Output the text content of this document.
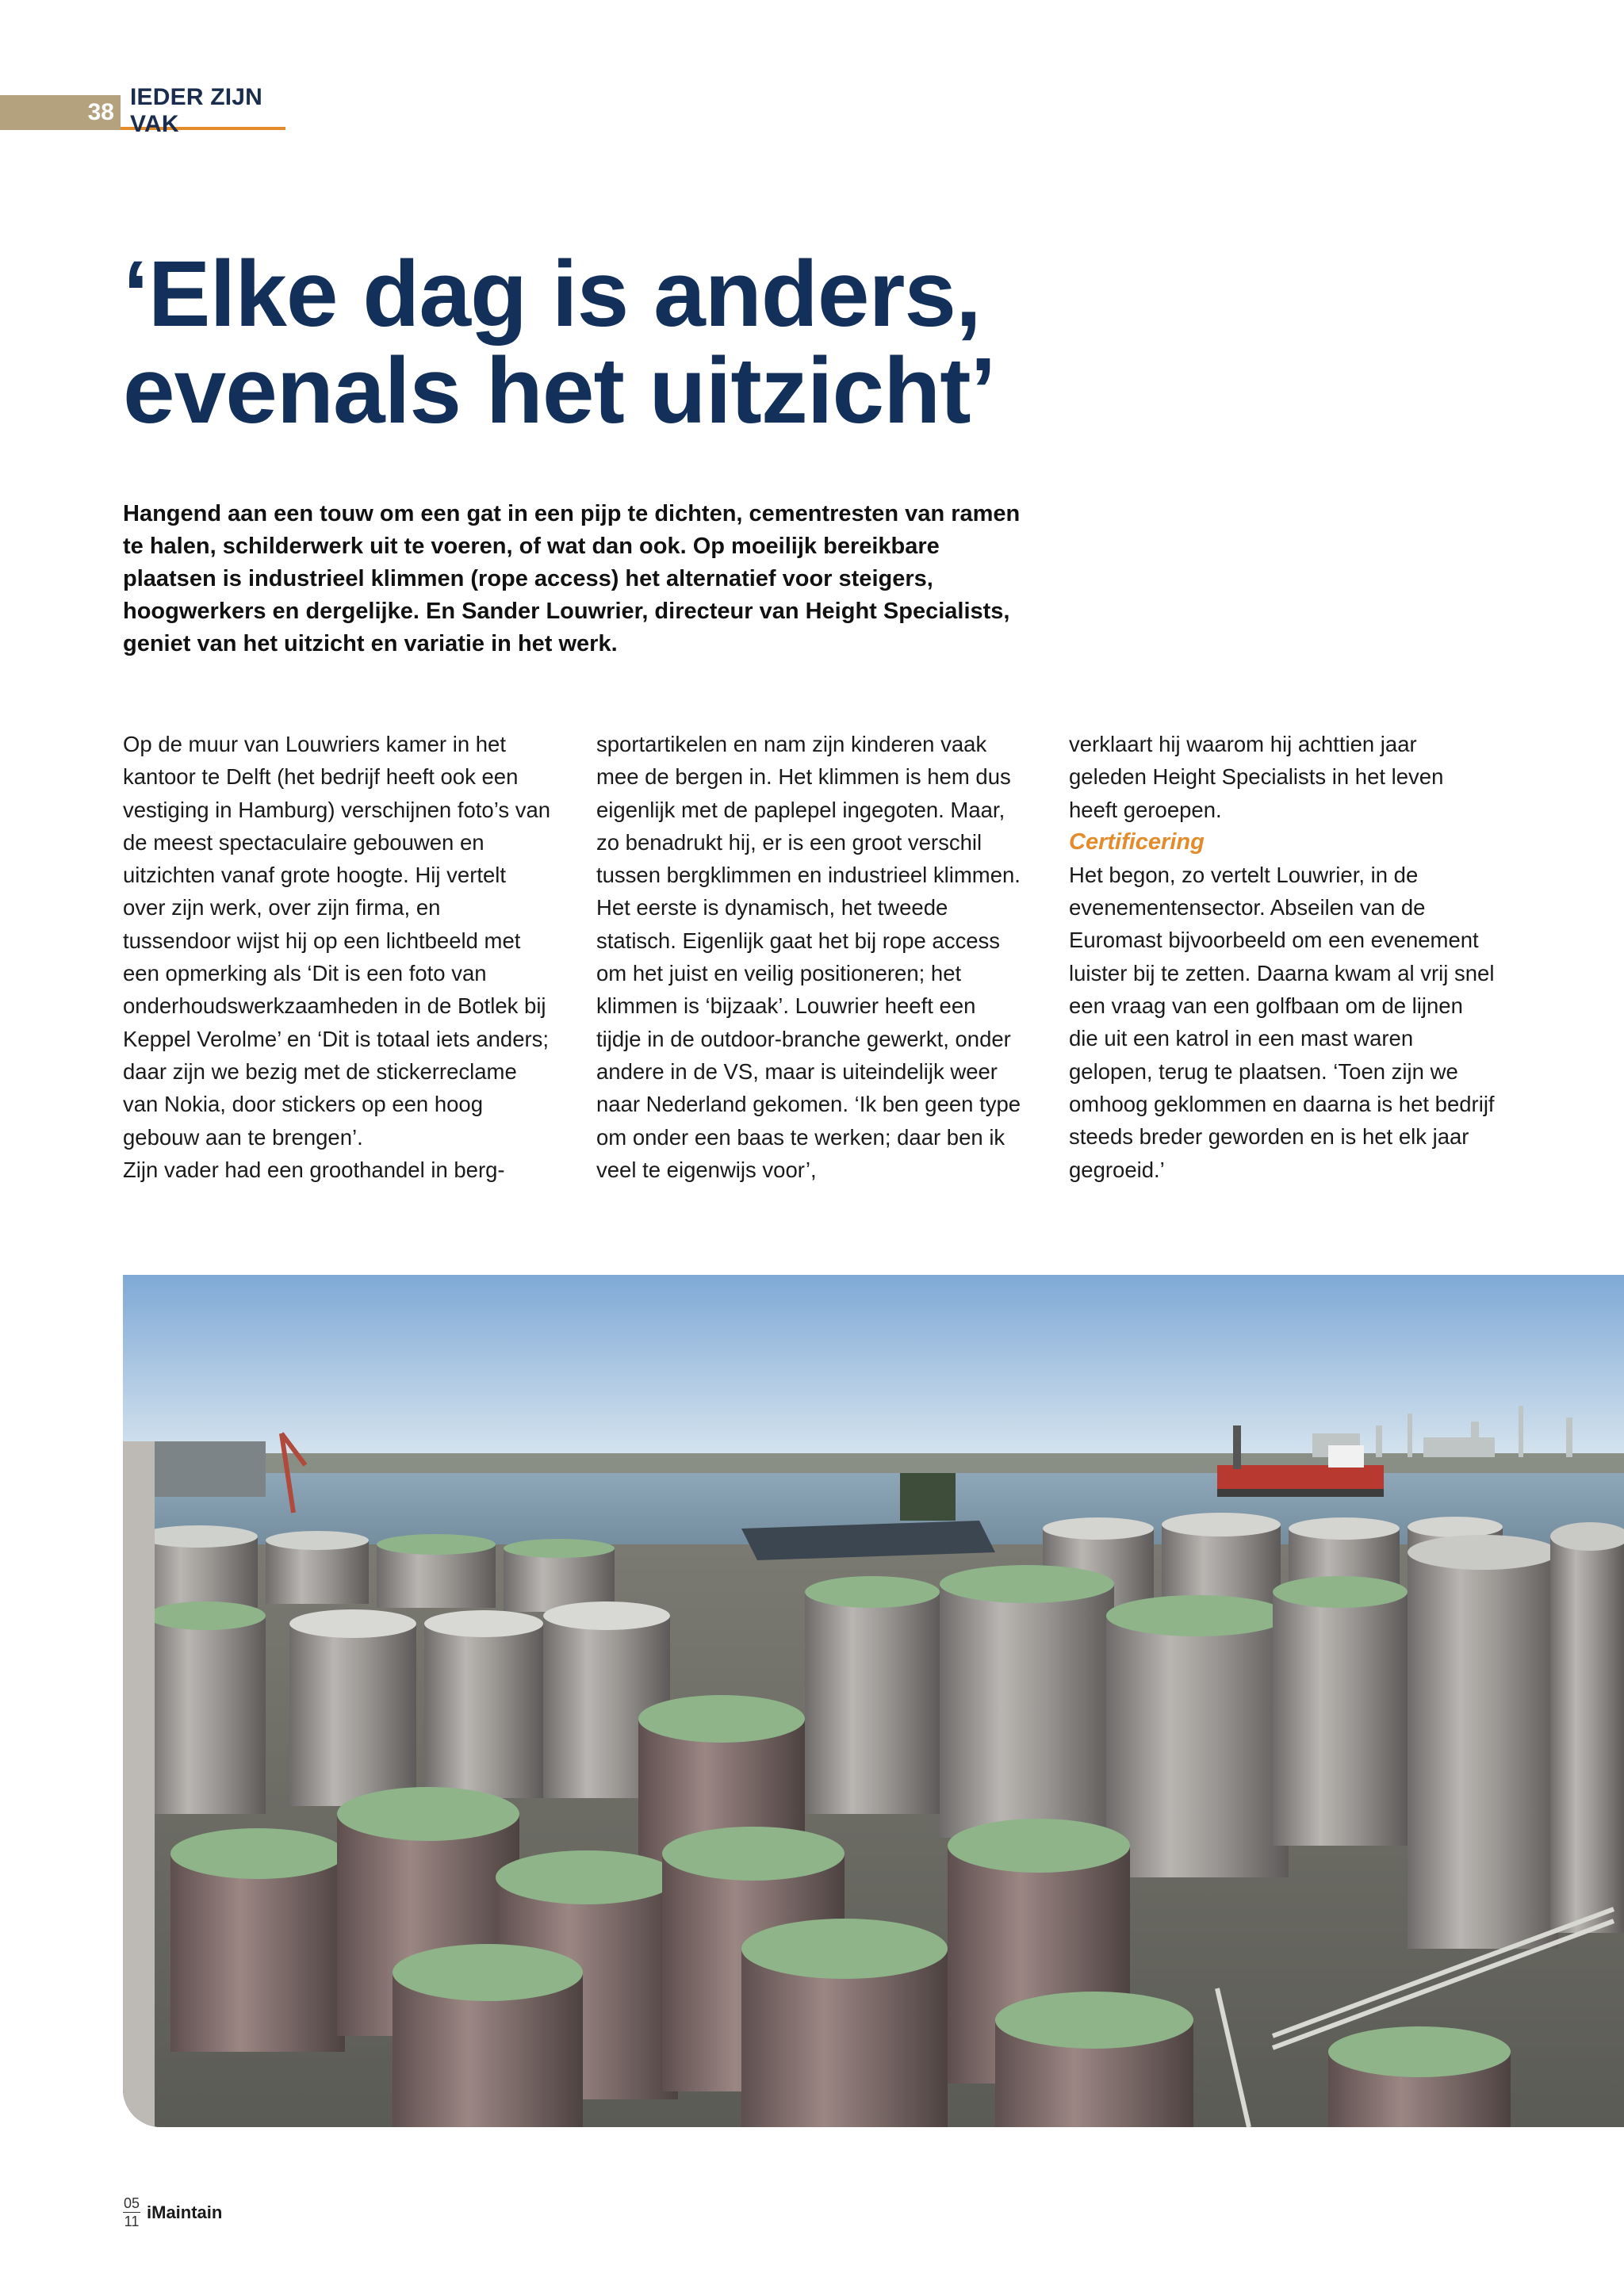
38
IEDER ZIJN VAK
‘Elke dag is anders,
evenals het uitzicht’

Hangend aan een touw om een gat in een pijp te dichten, cementresten van ramen te halen, schilderwerk uit te voeren, of wat dan ook. Op moeilijk bereikbare plaatsen is industrieel klimmen (rope access) het alternatief voor steigers, hoogwerkers en dergelijke. En Sander Louwrier, directeur van Height Specialists, geniet van het uitzicht en variatie in het werk.

Op de muur van Louwriers kamer in het kantoor te Delft (het bedrijf heeft ook een vestiging in Hamburg) verschijnen foto’s van de meest spectaculaire gebouwen en uitzichten vanaf grote hoogte. Hij vertelt over zijn werk, over zijn firma, en tussendoor wijst hij op een lichtbeeld met een opmerking als ‘Dit is een foto van onderhoudswerkzaamheden in de Botlek bij Keppel Verolme’ en ‘Dit is totaal iets anders; daar zijn we bezig met de stickerreclame van Nokia, door stickers op een hoog gebouw aan te brengen’.

Zijn vader had een groothandel in berg-

sportartikelen en nam zijn kinderen vaak mee de bergen in. Het klimmen is hem dus eigenlijk met de paplepel ingegoten. Maar, zo benadrukt hij, er is een groot verschil tussen bergklimmen en industrieel klimmen. Het eerste is dynamisch, het tweede statisch. Eigenlijk gaat het bij rope access om het juist en veilig positioneren; het klimmen is ‘bijzaak’. Louwrier heeft een tijdje in de outdoor-branche gewerkt, onder andere in de VS, maar is uiteindelijk weer naar Nederland gekomen. ‘Ik ben geen type om onder een baas te werken; daar ben ik veel te eigenwijs voor’,

verklaart hij waarom hij achttien jaar geleden Height Specialists in het leven heeft geroepen.

Certificering

Het begon, zo vertelt Louwrier, in de evenementensector. Abseilen van de Euromast bijvoorbeeld om een evenement luister bij te zetten. Daarna kwam al vrij snel een vraag van een golfbaan om de lijnen die uit een katrol in een mast waren gelopen, terug te plaatsen. ‘Toen zijn we omhoog geklommen en daarna is het bedrijf steeds breder geworden en is het elk jaar gegroeid.’

05
11 iMaintain
